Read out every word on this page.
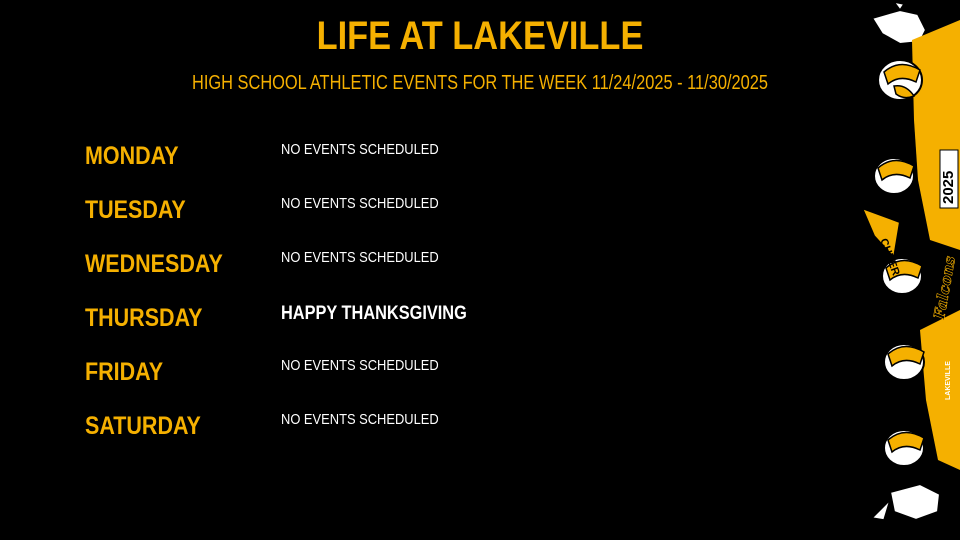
LIFE AT LAKEVILLE
HIGH SCHOOL ATHLETIC EVENTS FOR THE WEEK 11/24/2025 - 11/30/2025
MONDAY	NO EVENTS SCHEDULED
TUESDAY	NO EVENTS SCHEDULED
WEDNESDAY	NO EVENTS SCHEDULED
THURSDAY	HAPPY THANKSGIVING
FRIDAY	NO EVENTS SCHEDULED
SATURDAY	NO EVENTS SCHEDULED
CHEER
2025
Falcons
LAKEVILLE
